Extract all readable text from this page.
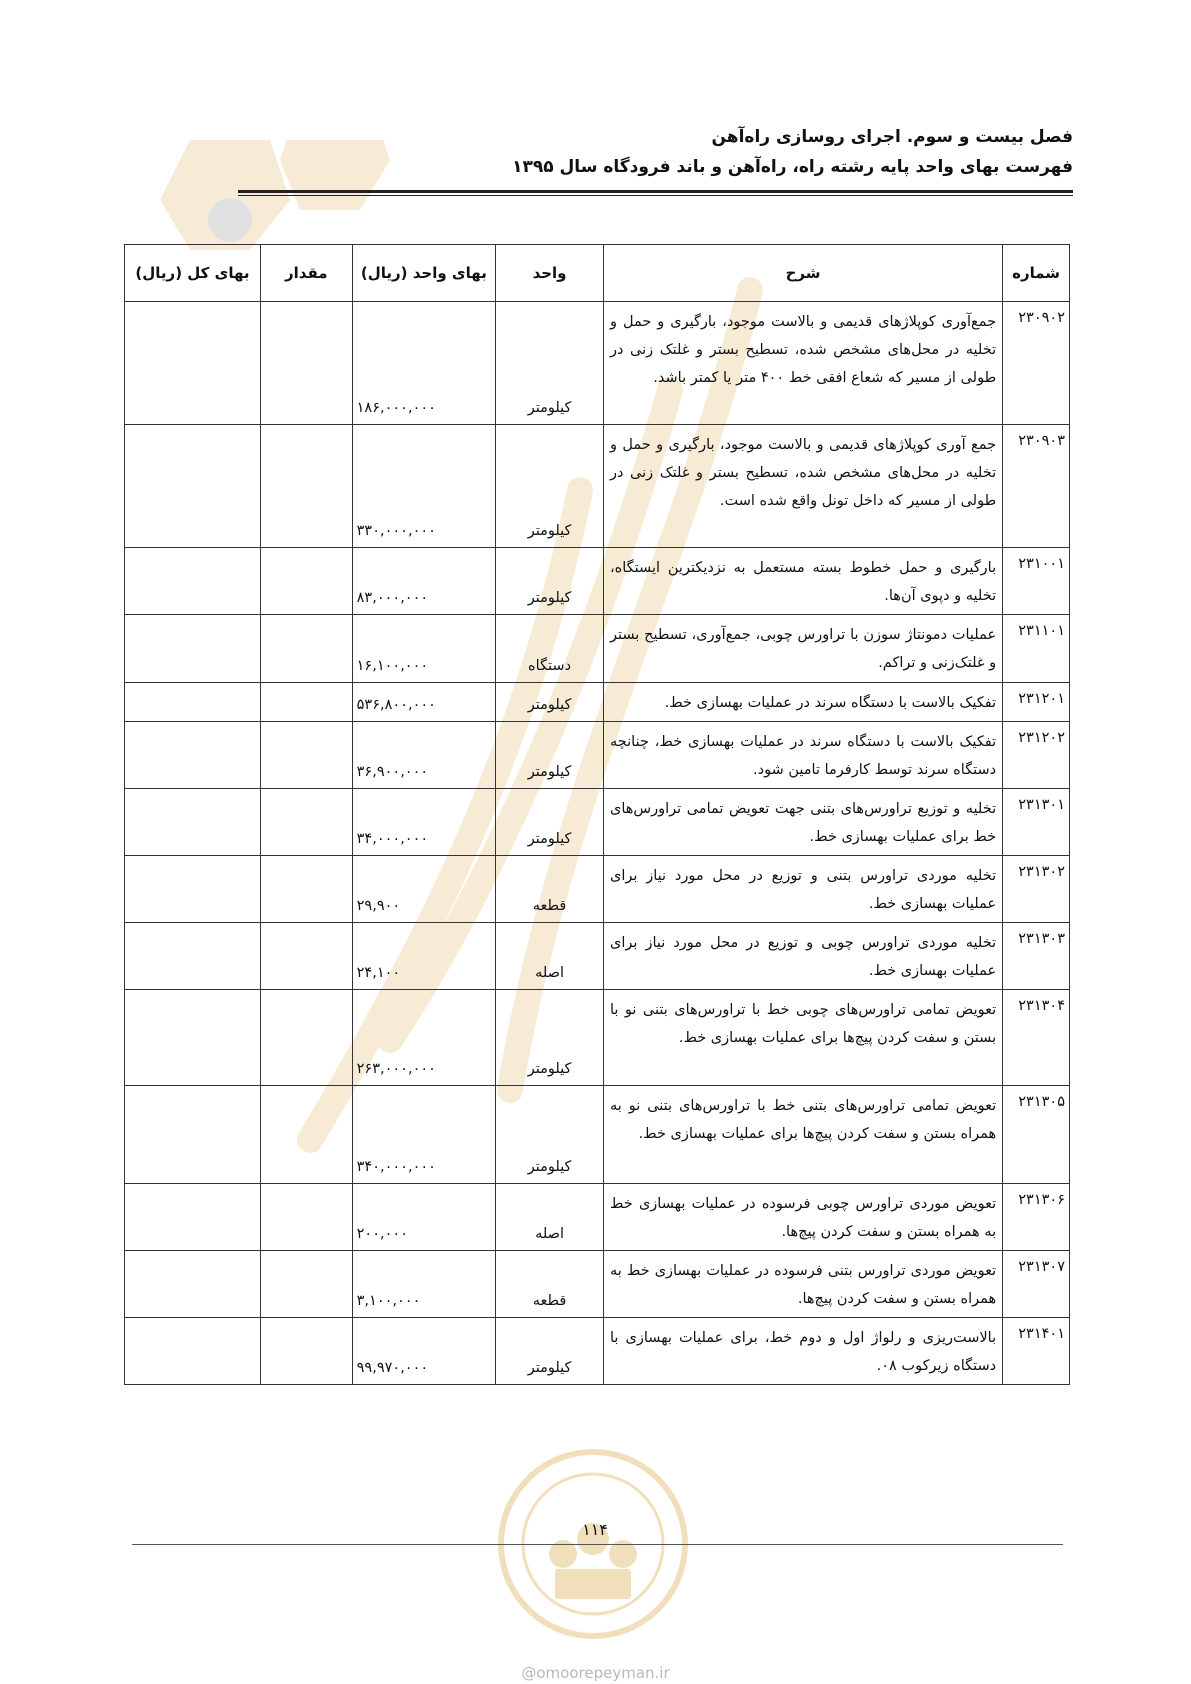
فصل بیست و سوم. اجرای روسازی راه‌آهن
فهرست بهای واحد پایه رشته راه، راه‌آهن و باند فرودگاه سال ۱۳۹۵
شماره	شرح	واحد	بهای واحد (ریال)	مقدار	بهای کل (ریال)
۲۳۰۹۰۲	جمع‌آوری کوپلاژهای قدیمی و بالاست موجود، بارگیری و حمل و تخلیه در محل‌های مشخص شده، تسطیح بستر و غلتک زنی در طولی از مسیر که شعاع افقی خط ۴۰۰ متر یا کمتر باشد.	کیلومتر	۱۸۶,۰۰۰,۰۰۰		
۲۳۰۹۰۳	جمع آوری کوپلاژهای قدیمی و بالاست موجود، بارگیری و حمل و تخلیه در محل‌های مشخص شده، تسطیح بستر و غلتک زنی در طولی از مسیر که داخل تونل واقع شده است.	کیلومتر	۳۳۰,۰۰۰,۰۰۰		
۲۳۱۰۰۱	بارگیری و حمل خطوط بسته مستعمل به نزدیکترین ایستگاه، تخلیه و دپوی آن‌ها.	کیلومتر	۸۳,۰۰۰,۰۰۰		
۲۳۱۱۰۱	عملیات دمونتاژ سوزن با تراورس چوبی، جمع‌آوری، تسطیح بستر و غلتک‌زنی و تراکم.	دستگاه	۱۶,۱۰۰,۰۰۰		
۲۳۱۲۰۱	تفکیک بالاست با دستگاه سرند در عملیات بهسازی خط.	کیلومتر	۵۳۶,۸۰۰,۰۰۰		
۲۳۱۲۰۲	تفکیک بالاست با دستگاه سرند در عملیات بهسازی خط، چنانچه دستگاه سرند توسط کارفرما تامین شود.	کیلومتر	۳۶,۹۰۰,۰۰۰		
۲۳۱۳۰۱	تخلیه و توزیع تراورس‌های بتنی جهت تعویض تمامی تراورس‌های خط برای عملیات بهسازی خط.	کیلومتر	۳۴,۰۰۰,۰۰۰		
۲۳۱۳۰۲	تخلیه موردی تراورس بتنی و توزیع در محل مورد نیاز برای عملیات بهسازی خط.	قطعه	۲۹,۹۰۰		
۲۳۱۳۰۳	تخلیه موردی تراورس چوبی و توزیع در محل مورد نیاز برای عملیات بهسازی خط.	اصله	۲۴,۱۰۰		
۲۳۱۳۰۴	تعویض تمامی تراورس‌های چوبی خط با تراورس‌های بتنی نو با بستن و سفت کردن پیچ‌ها برای عملیات بهسازی خط.	کیلومتر	۲۶۳,۰۰۰,۰۰۰		
۲۳۱۳۰۵	تعویض تمامی تراورس‌های بتنی خط با تراورس‌های بتنی نو به همراه بستن و سفت کردن پیچ‌ها برای عملیات بهسازی خط.	کیلومتر	۳۴۰,۰۰۰,۰۰۰		
۲۳۱۳۰۶	تعویض موردی تراورس چوبی فرسوده در عملیات بهسازی خط به همراه بستن و سفت کردن پیچ‌ها.	اصله	۲۰۰,۰۰۰		
۲۳۱۳۰۷	تعویض موردی تراورس بتنی فرسوده در عملیات بهسازی خط به همراه بستن و سفت کردن پیچ‌ها.	قطعه	۳,۱۰۰,۰۰۰		
۲۳۱۴۰۱	بالاست‌ریزی و رلواژ اول و دوم خط، برای عملیات بهسازی با دستگاه زیرکوب ۰۸.	کیلومتر	۹۹,۹۷۰,۰۰۰		
۱۱۴
@omoorepeyman.ir
